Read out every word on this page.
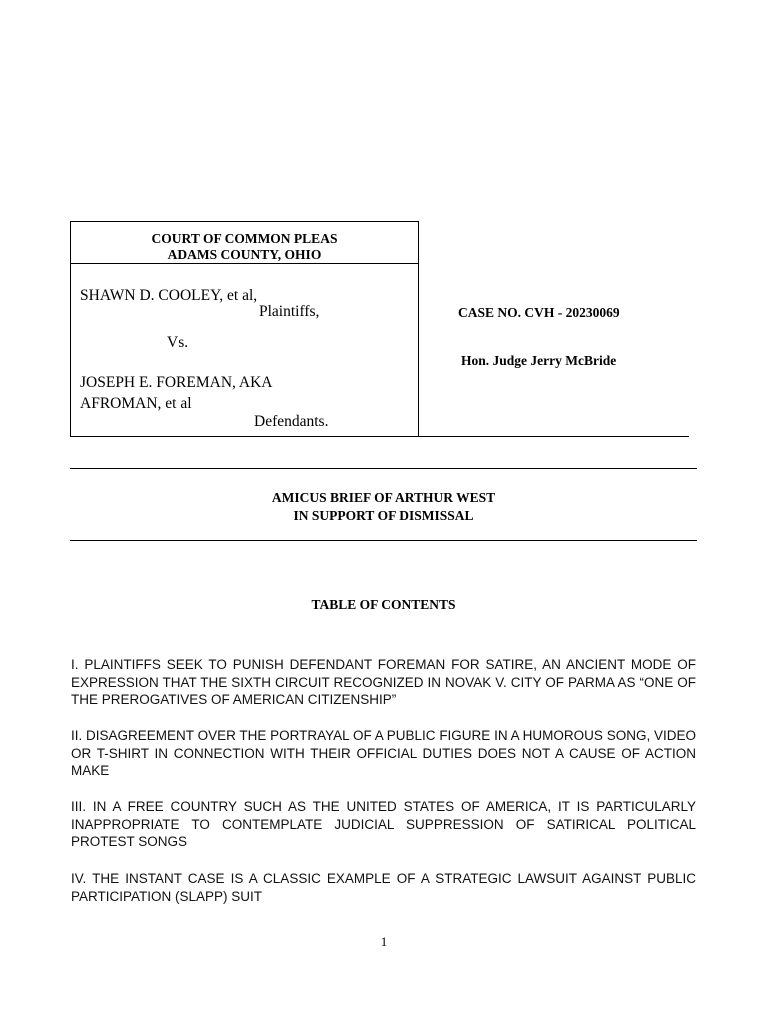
COURT OF COMMON PLEAS
ADAMS COUNTY, OHIO
SHAWN D. COOLEY, et al,
Plaintiffs,
Vs.
JOSEPH E. FOREMAN, AKA
AFROMAN, et al
Defendants.
CASE NO. CVH - 20230069
Hon. Judge Jerry McBride
AMICUS BRIEF OF ARTHUR WEST
IN SUPPORT OF DISMISSAL
TABLE OF CONTENTS
I. PLAINTIFFS SEEK TO PUNISH DEFENDANT FOREMAN FOR SATIRE, AN ANCIENT MODE OF EXPRESSION THAT THE SIXTH CIRCUIT RECOGNIZED IN NOVAK V. CITY OF PARMA AS “ONE OF THE PREROGATIVES OF AMERICAN CITIZENSHIP”
II. DISAGREEMENT OVER THE PORTRAYAL OF A PUBLIC FIGURE IN A HUMOROUS SONG, VIDEO OR T-SHIRT IN CONNECTION WITH THEIR OFFICIAL DUTIES DOES NOT A CAUSE OF ACTION MAKE
III. IN A FREE COUNTRY SUCH AS THE UNITED STATES OF AMERICA, IT IS PARTICULARLY INAPPROPRIATE TO CONTEMPLATE JUDICIAL SUPPRESSION OF SATIRICAL POLITICAL PROTEST SONGS
IV. THE INSTANT CASE IS A CLASSIC EXAMPLE OF A STRATEGIC LAWSUIT AGAINST PUBLIC PARTICIPATION (SLAPP) SUIT
1
